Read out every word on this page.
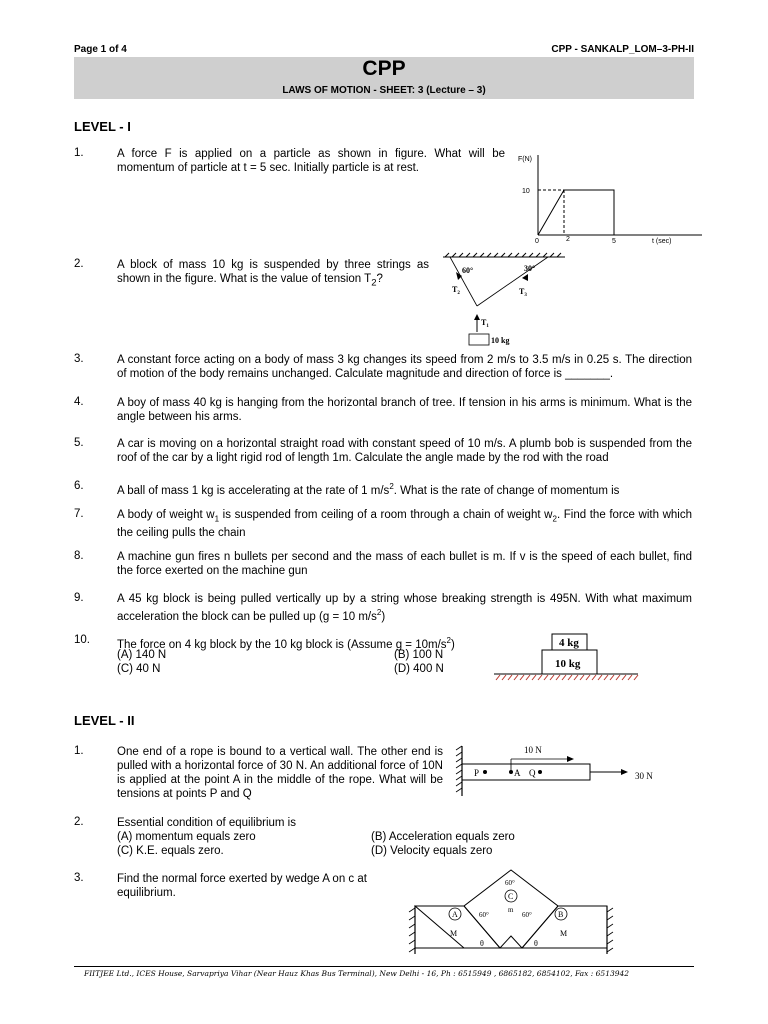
Page 1 of 4	CPP - SANKALP_LOM–3-PH-II
CPP
LAWS OF MOTION - SHEET: 3 (Lecture – 3)
LEVEL - I
1.	A force F is applied on a particle as shown in figure. What will be momentum of particle at t = 5 sec. Initially particle is at rest.
2.	A block of mass 10 kg is suspended by three strings as shown in the figure. What is the value of tension $T_2$?
3.	A constant force acting on a body of mass 3 kg changes its speed from 2 m/s to 3.5 m/s in 0.25 s. The direction of motion of the body remains unchanged. Calculate magnitude and direction of force is _______.
4.	A boy of mass 40 kg is hanging from the horizontal branch of tree. If tension in his arms is minimum. What is the angle between his arms.
5.	A car is moving on a horizontal straight road with constant speed of 10 m/s. A plumb bob is suspended from the roof of the car by a light rigid rod of length 1m. Calculate the angle made by the rod with the road
6.	A ball of mass 1 kg is accelerating at the rate of 1 $m/s^2$. What is the rate of change of momentum is
7.	A body of weight $w_1$ is suspended from ceiling of a room through a chain of weight $w_2$. Find the force with which the ceiling pulls the chain
8.	A machine gun fires n bullets per second and the mass of each bullet is m. If v is the speed of each bullet, find the force exerted on the machine gun
9.	A 45 kg block is being pulled vertically up by a string whose breaking strength is 495N. With what maximum acceleration the block can be pulled up (g = 10 $m/s^2$)
10. The force on 4 kg block by the 10 kg block is (Assume $g = 10m/s^2$)
(A) 140 N	(B) 100 N
(C) 40 N	(D) 400 N
LEVEL - II
1.	One end of a rope is bound to a vertical wall. The other end is pulled with a horizontal force of 30 N. An additional force of 10N is applied at the point A in the middle of the rope. What will be tensions at points P and Q
2.	Essential condition of equilibrium is
(A) momentum equals zero	(B) Acceleration equals zero
(C) K.E. equals zero.	(D) Velocity equals zero
3.	Find the normal force exerted by wedge A on c at equilibrium.
F(N)
10
0	2	5	t (sec)
60°	30°
$T_2$	$T_3$
$T_1$
10 kg
4 kg
10 kg
10 N
30 N
P	A Q
A	B
C
60°
60°	60°
m
M	M
θ	θ
FIITJEE Ltd., ICES House, Sarvapriya Vihar (Near Hauz Khas Bus Terminal), New Delhi - 16, Ph : 6515949 , 6865182, 6854102, Fax : 6513942
